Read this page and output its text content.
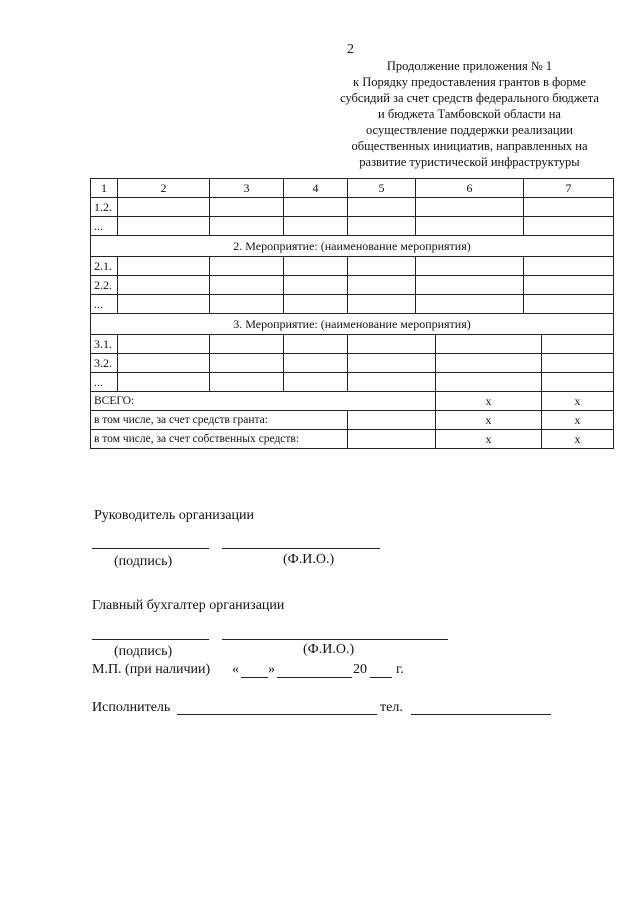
2
Продолжение приложения № 1
к Порядку предоставления грантов в форме
субсидий за счет средств федерального бюджета
и бюджета Тамбовской области на
осуществление поддержки реализации
общественных инициатив, направленных на
развитие туристической инфраструктуры
1	2	3	4	5	6		7	
1.2.								
...								
2. Мероприятие: (наименование мероприятия)								
2.1.								
2.2.								
...								
3. Мероприятие: (наименование мероприятия)								
3.1.								
3.2.								
...								
ВСЕГО:						x		x
в том числе, за счет средств гранта:						x		x
в том числе, за счет собственных средств:						x		x
Руководитель организации
(подпись)	(Ф.И.О.)
Главный бухгалтер организации
(подпись)	(Ф.И.О.)
М.П. (при наличии) « »	20 г.
Исполнитель	тел.
